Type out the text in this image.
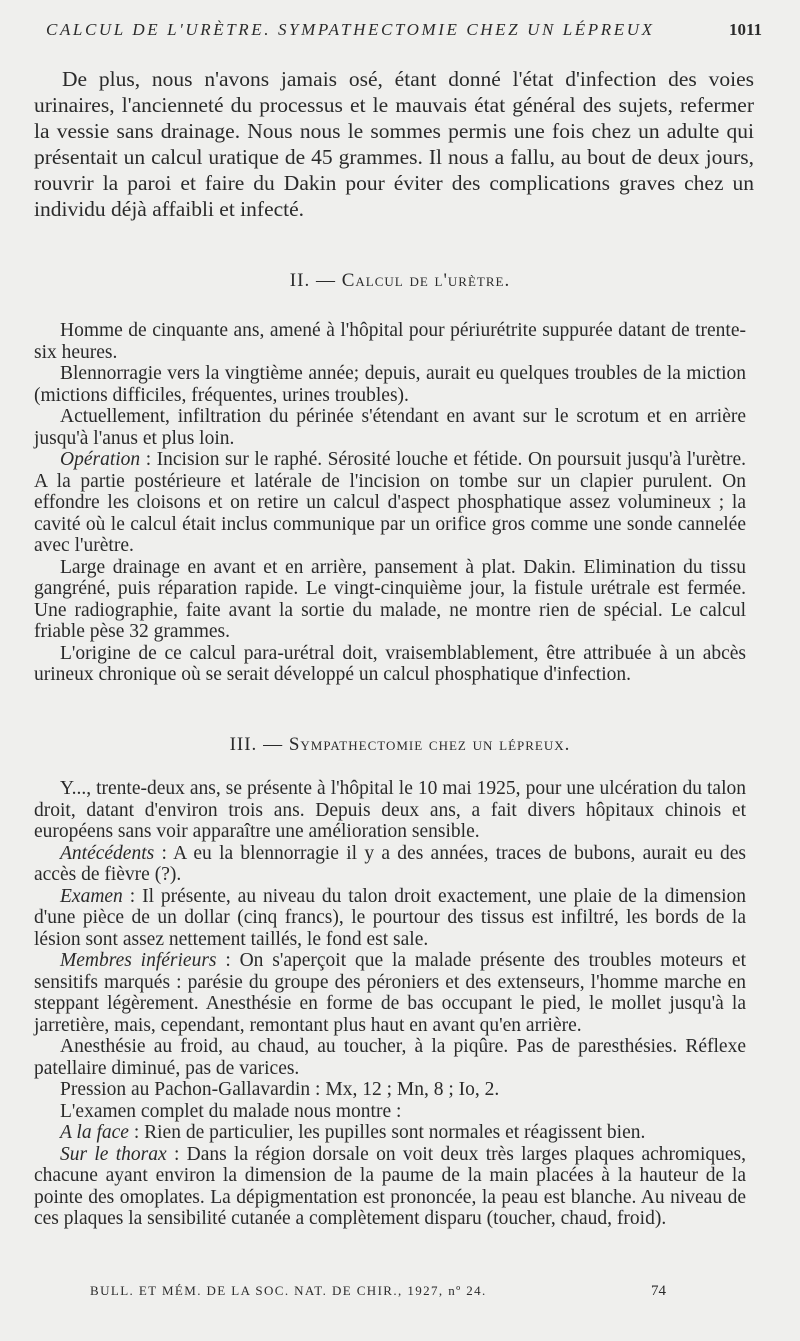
CALCUL DE L'URÈTRE. SYMPATHECTOMIE CHEZ UN LÉPREUX	1011

De plus, nous n'avons jamais osé, étant donné l'état d'infection des voies urinaires, l'ancienneté du processus et le mauvais état général des sujets, refermer la vessie sans drainage. Nous nous le sommes permis une fois chez un adulte qui présentait un calcul uratique de 45 grammes. Il nous a fallu, au bout de deux jours, rouvrir la paroi et faire du Dakin pour éviter des complications graves chez un individu déjà affaibli et infecté.

II. — Calcul de l'urètre.

Homme de cinquante ans, amené à l'hôpital pour périurétrite suppurée datant de trente-six heures.

Blennorragie vers la vingtième année; depuis, aurait eu quelques troubles de la miction (mictions difficiles, fréquentes, urines troubles).

Actuellement, infiltration du périnée s'étendant en avant sur le scrotum et en arrière jusqu'à l'anus et plus loin.

Opération : Incision sur le raphé. Sérosité louche et fétide. On poursuit jusqu'à l'urètre. A la partie postérieure et latérale de l'incision on tombe sur un clapier purulent. On effondre les cloisons et on retire un calcul d'aspect phosphatique assez volumineux ; la cavité où le calcul était inclus communique par un orifice gros comme une sonde cannelée avec l'urètre.

Large drainage en avant et en arrière, pansement à plat. Dakin. Elimination du tissu gangréné, puis réparation rapide. Le vingt-cinquième jour, la fistule urétrale est fermée. Une radiographie, faite avant la sortie du malade, ne montre rien de spécial. Le calcul friable pèse 32 grammes.

L'origine de ce calcul para-urétral doit, vraisemblablement, être attribuée à un abcès urineux chronique où se serait développé un calcul phosphatique d'infection.

III. — Sympathectomie chez un lépreux.

Y..., trente-deux ans, se présente à l'hôpital le 10 mai 1925, pour une ulcération du talon droit, datant d'environ trois ans. Depuis deux ans, a fait divers hôpitaux chinois et européens sans voir apparaître une amélioration sensible.

Antécédents : A eu la blennorragie il y a des années, traces de bubons, aurait eu des accès de fièvre (?).

Examen : Il présente, au niveau du talon droit exactement, une plaie de la dimension d'une pièce de un dollar (cinq francs), le pourtour des tissus est infiltré, les bords de la lésion sont assez nettement taillés, le fond est sale.

Membres inférieurs : On s'aperçoit que la malade présente des troubles moteurs et sensitifs marqués : parésie du groupe des péroniers et des extenseurs, l'homme marche en steppant légèrement. Anesthésie en forme de bas occupant le pied, le mollet jusqu'à la jarretière, mais, cependant, remontant plus haut en avant qu'en arrière.

Anesthésie au froid, au chaud, au toucher, à la piqûre. Pas de paresthésies. Réflexe patellaire diminué, pas de varices.

Pression au Pachon-Gallavardin : Mx, 12 ; Mn, 8 ; Io, 2.

L'examen complet du malade nous montre :

A la face : Rien de particulier, les pupilles sont normales et réagissent bien.

Sur le thorax : Dans la région dorsale on voit deux très larges plaques achromiques, chacune ayant environ la dimension de la paume de la main placées à la hauteur de la pointe des omoplates. La dépigmentation est prononcée, la peau est blanche. Au niveau de ces plaques la sensibilité cutanée a complètement disparu (toucher, chaud, froid).

BULL. ET MÉM. DE LA SOC. NAT. DE CHIR., 1927, nº 24.	74
